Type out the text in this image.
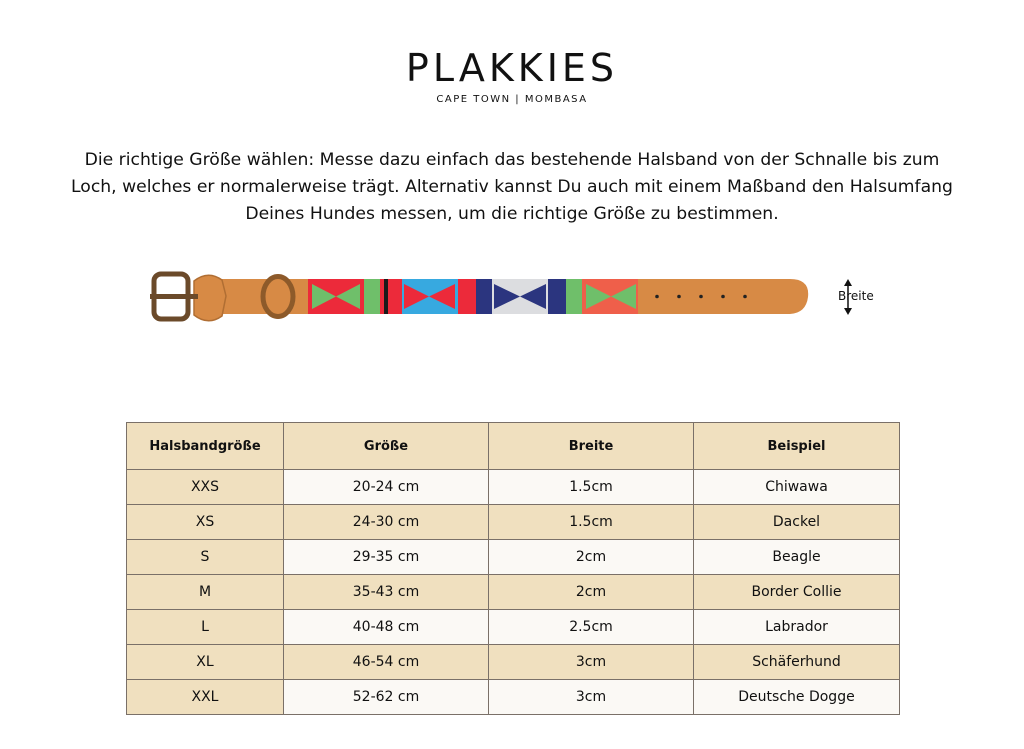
PLAKKIES
CAPE TOWN | MOMBASA
Die richtige Größe wählen: Messe dazu einfach das bestehende Halsband von der Schnalle bis zum Loch, welches er normalerweise trägt. Alternativ kannst Du auch mit einem Maßband den Halsumfang Deines Hundes messen, um die richtige Größe zu bestimmen.
Breite
Halsbandgröße	Größe	Breite	Beispiel
XXS	20-24 cm	1.5cm	Chiwawa
XS	24-30 cm	1.5cm	Dackel
S	29-35 cm	2cm	Beagle
M	35-43 cm	2cm	Border Collie
L	40-48 cm	2.5cm	Labrador
XL	46-54 cm	3cm	Schäferhund
XXL	52-62 cm	3cm	Deutsche Dogge
